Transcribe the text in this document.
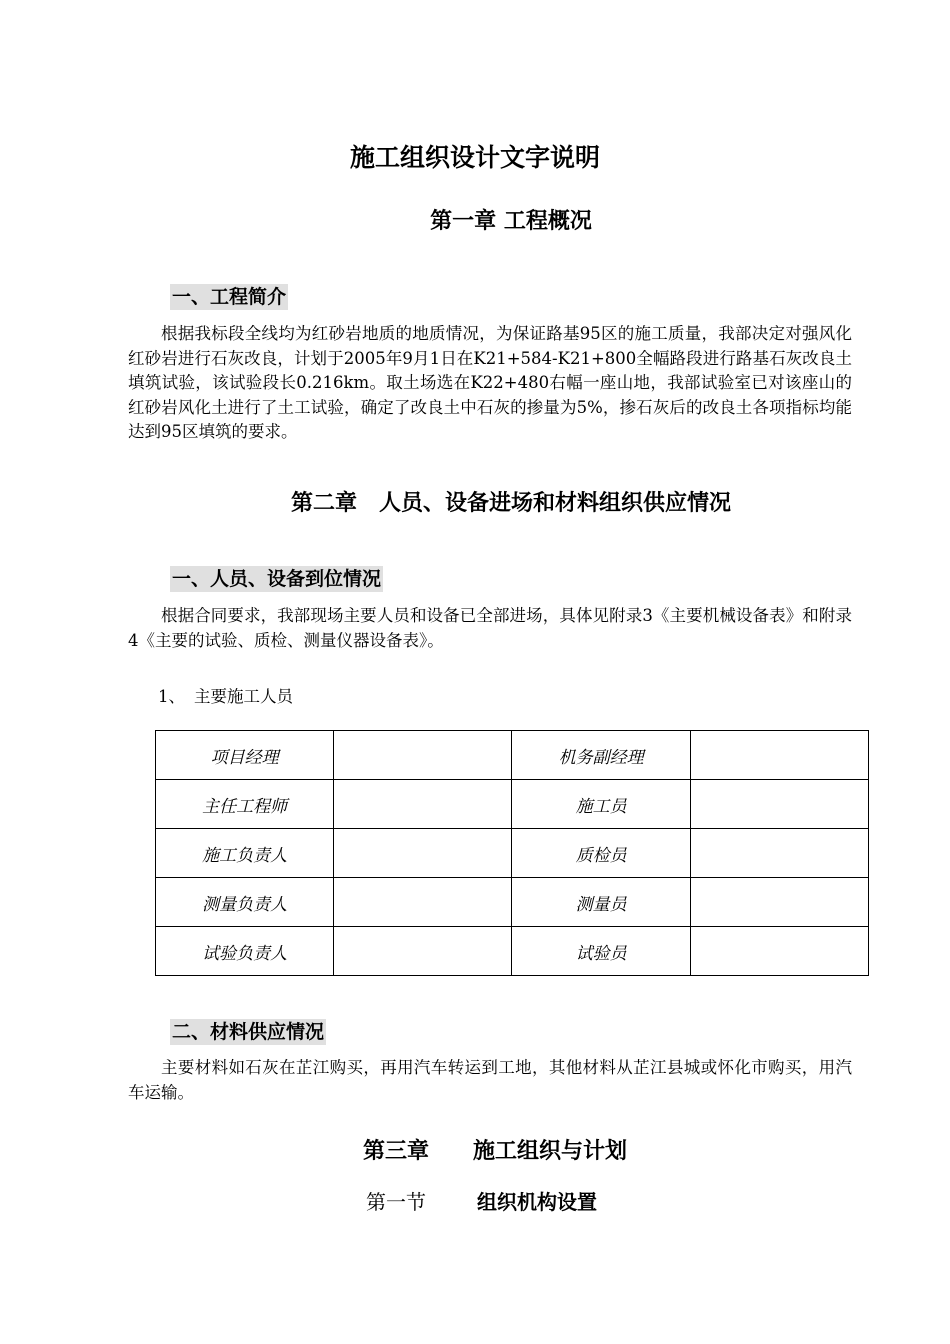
施工组织设计文字说明
第一章 工程概况
一、工程简介

根据我标段全线均为红砂岩地质的地质情况，为保证路基95区的施工质量，我部决定对强风化红砂岩进行石灰改良，计划于2005年9月1日在K21+584-K21+800全幅路段进行路基石灰改良土填筑试验，该试验段长0.216km。取土场选在K22+480右幅一座山地，我部试验室已对该座山的红砂岩风化土进行了土工试验，确定了改良土中石灰的掺量为5%，掺石灰后的改良土各项指标均能达到95区填筑的要求。

第二章　人员、设备进场和材料组织供应情况
一、人员、设备到位情况

根据合同要求，我部现场主要人员和设备已全部进场，具体见附录3《主要机械设备表》和附录4《主要的试验、质检、测量仪器设备表》。

1、 主要施工人员
项目经理		机务副经理	
主任工程师		施工员	
施工负责人		质检员	
测量负责人		测量员	
试验负责人		试验员	
二、材料供应情况

主要材料如石灰在芷江购买，再用汽车转运到工地，其他材料从芷江县城或怀化市购买，用汽车运输。

第三章　　施工组织与计划
第一节	组织机构设置
